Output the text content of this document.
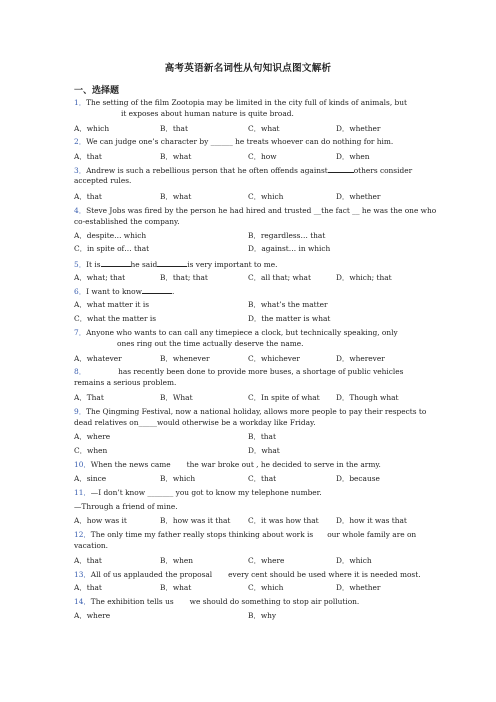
高考英语新名词性从句知识点图文解析
一、选择题
1．The setting of the film Zootopia may be limited in the city full of kinds of animals, but
it exposes about human nature is quite broad.
A．which	B．that	C．what	D．whether
2．We can judge one’s character by ______ he treats whoever can do nothing for him.
A．that	B．what	C．how	D．when
3．Andrew is such a rebellious person that he often offends against	others consider
accepted rules.
A．that	B．what	C．which	D．whether
4．Steve Jobs was fired by the person he had hired and trusted __the fact __ he was the one who
co-established the company.
A．despite… which	B．regardless… that
C．in spite of… that	D．against… in which
5．It is	he said	is very important to me.
A．what; that	B．that; that	C．all that; what	D．which; that
6．I want to know	.
A．what matter it is	B．what’s the matter
C．what the matter is	D．the matter is what
7．Anyone who wants to can call any timepiece a clock, but technically speaking, only
ones ring out the time actually deserve the name.
A．whatever	B．whenever	C．whichever	D．wherever
8．	has recently been done to provide more buses, a shortage of public vehicles
remains a serious problem.
A．That	B．What	C．In spite of what D．Though what
9．The Qingming Festival, now a national holiday, allows more people to pay their respects to
dead relatives on_____would otherwise be a workday like Friday.
A．where	B．that
C．when	D．what
10．When the news came the war broke out , he decided to serve in the army.
A．since	B．which	C．that	D．because
11．—I don’t know _______ you got to know my telephone number.
—Through a friend of mine.
A．how was it	B．how was it that C．it was how that D．how it was that
12．The only time my father really stops thinking about work is our whole family are on
vacation.
A．that	B．when	C．where	D．which
13．All of us applauded the proposal every cent should be used where it is needed most.
A．that	B．what	C．which	D．whether
14．The exhibition tells us we should do something to stop air pollution.
A．where	B．why
